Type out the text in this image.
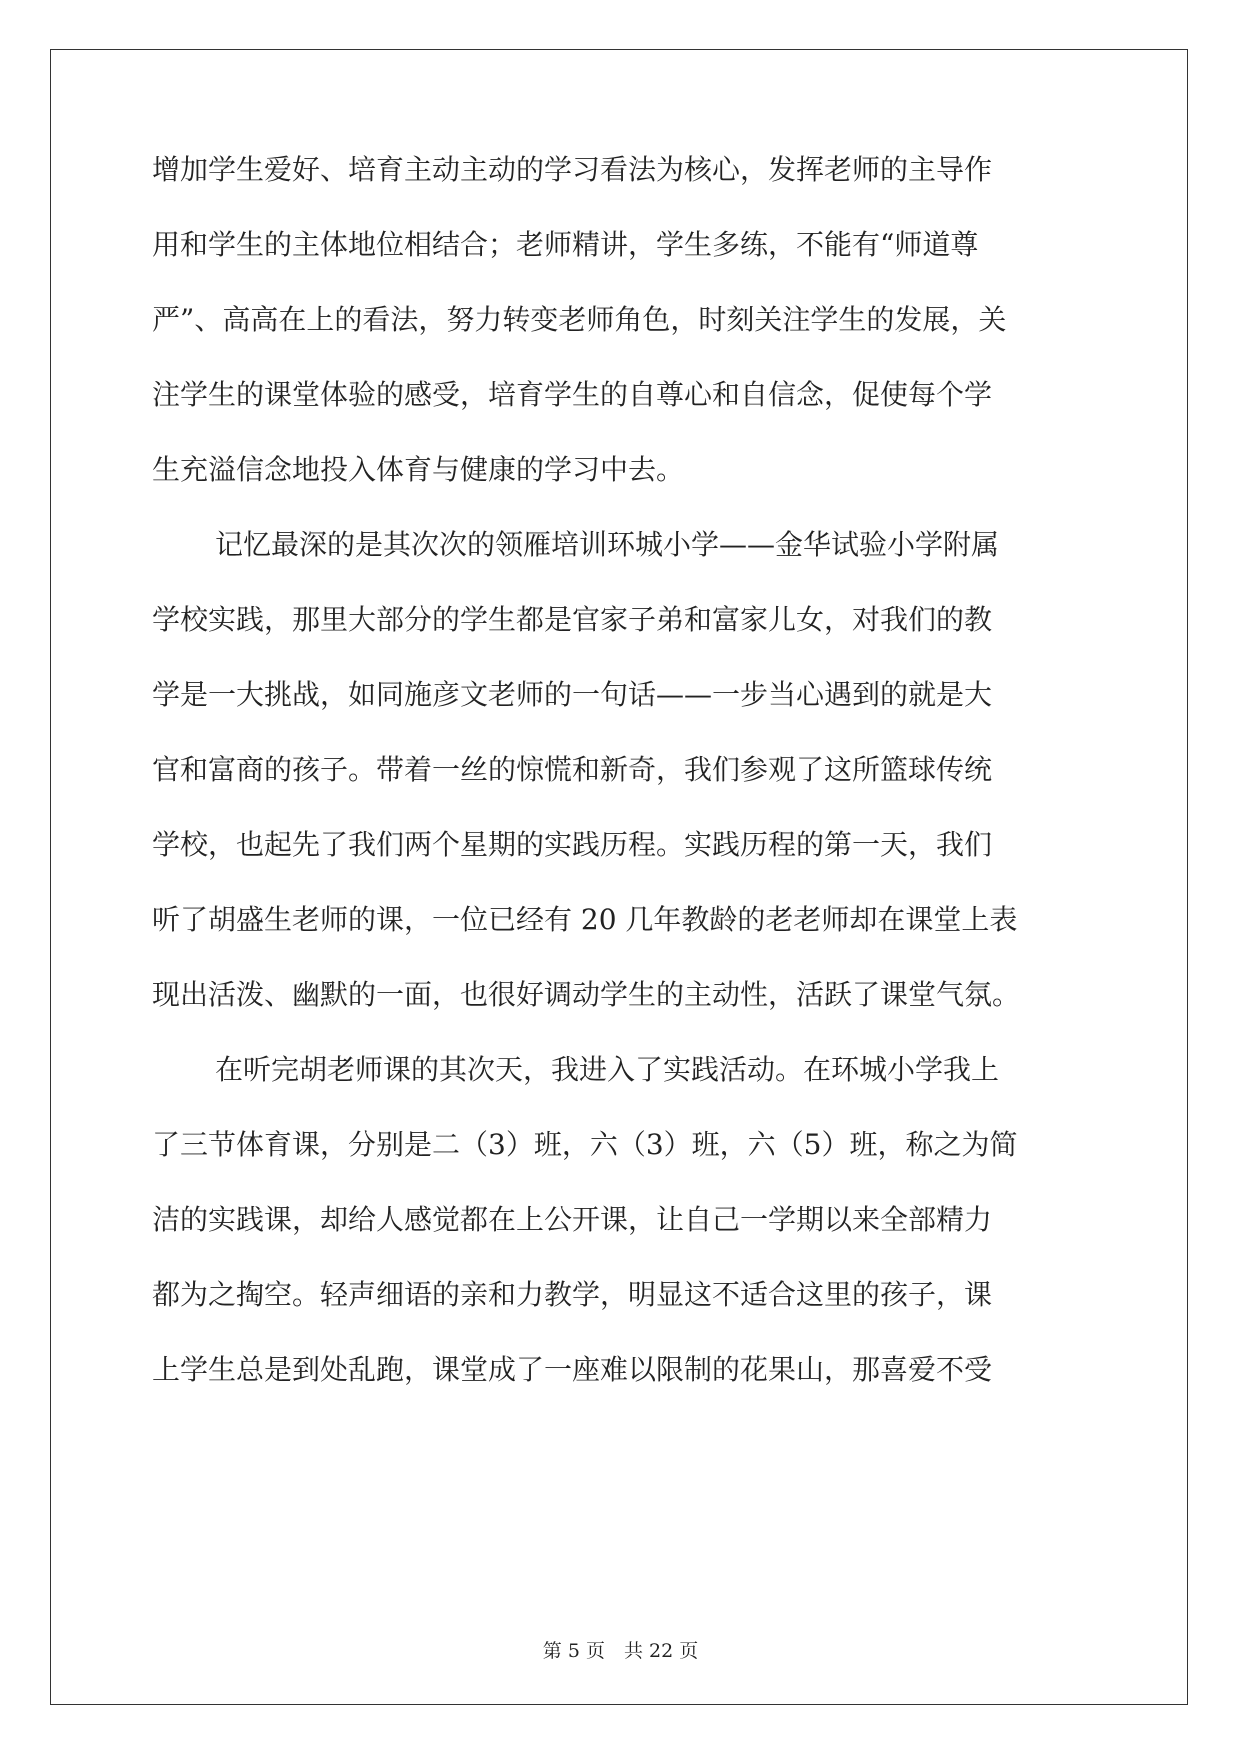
增加学生爱好、培育主动主动的学习看法为核心，发挥老师的主导作
用和学生的主体地位相结合；老师精讲，学生多练，不能有“师道尊
严”、高高在上的看法，努力转变老师角色，时刻关注学生的发展，关
注学生的课堂体验的感受，培育学生的自尊心和自信念，促使每个学
生充溢信念地投入体育与健康的学习中去。
记忆最深的是其次次的领雁培训环城小学——金华试验小学附属
学校实践，那里大部分的学生都是官家子弟和富家儿女，对我们的教
学是一大挑战，如同施彦文老师的一句话——一步当心遇到的就是大
官和富商的孩子。带着一丝的惊慌和新奇，我们参观了这所篮球传统
学校，也起先了我们两个星期的实践历程。实践历程的第一天，我们
听了胡盛生老师的课，一位已经有 20 几年教龄的老老师却在课堂上表
现出活泼、幽默的一面，也很好调动学生的主动性，活跃了课堂气氛。
在听完胡老师课的其次天，我进入了实践活动。在环城小学我上
了三节体育课，分别是二（3）班，六（3）班，六（5）班，称之为简
洁的实践课，却给人感觉都在上公开课，让自己一学期以来全部精力
都为之掏空。轻声细语的亲和力教学，明显这不适合这里的孩子，课
上学生总是到处乱跑，课堂成了一座难以限制的花果山，那喜爱不受
第 5 页　共 22 页
